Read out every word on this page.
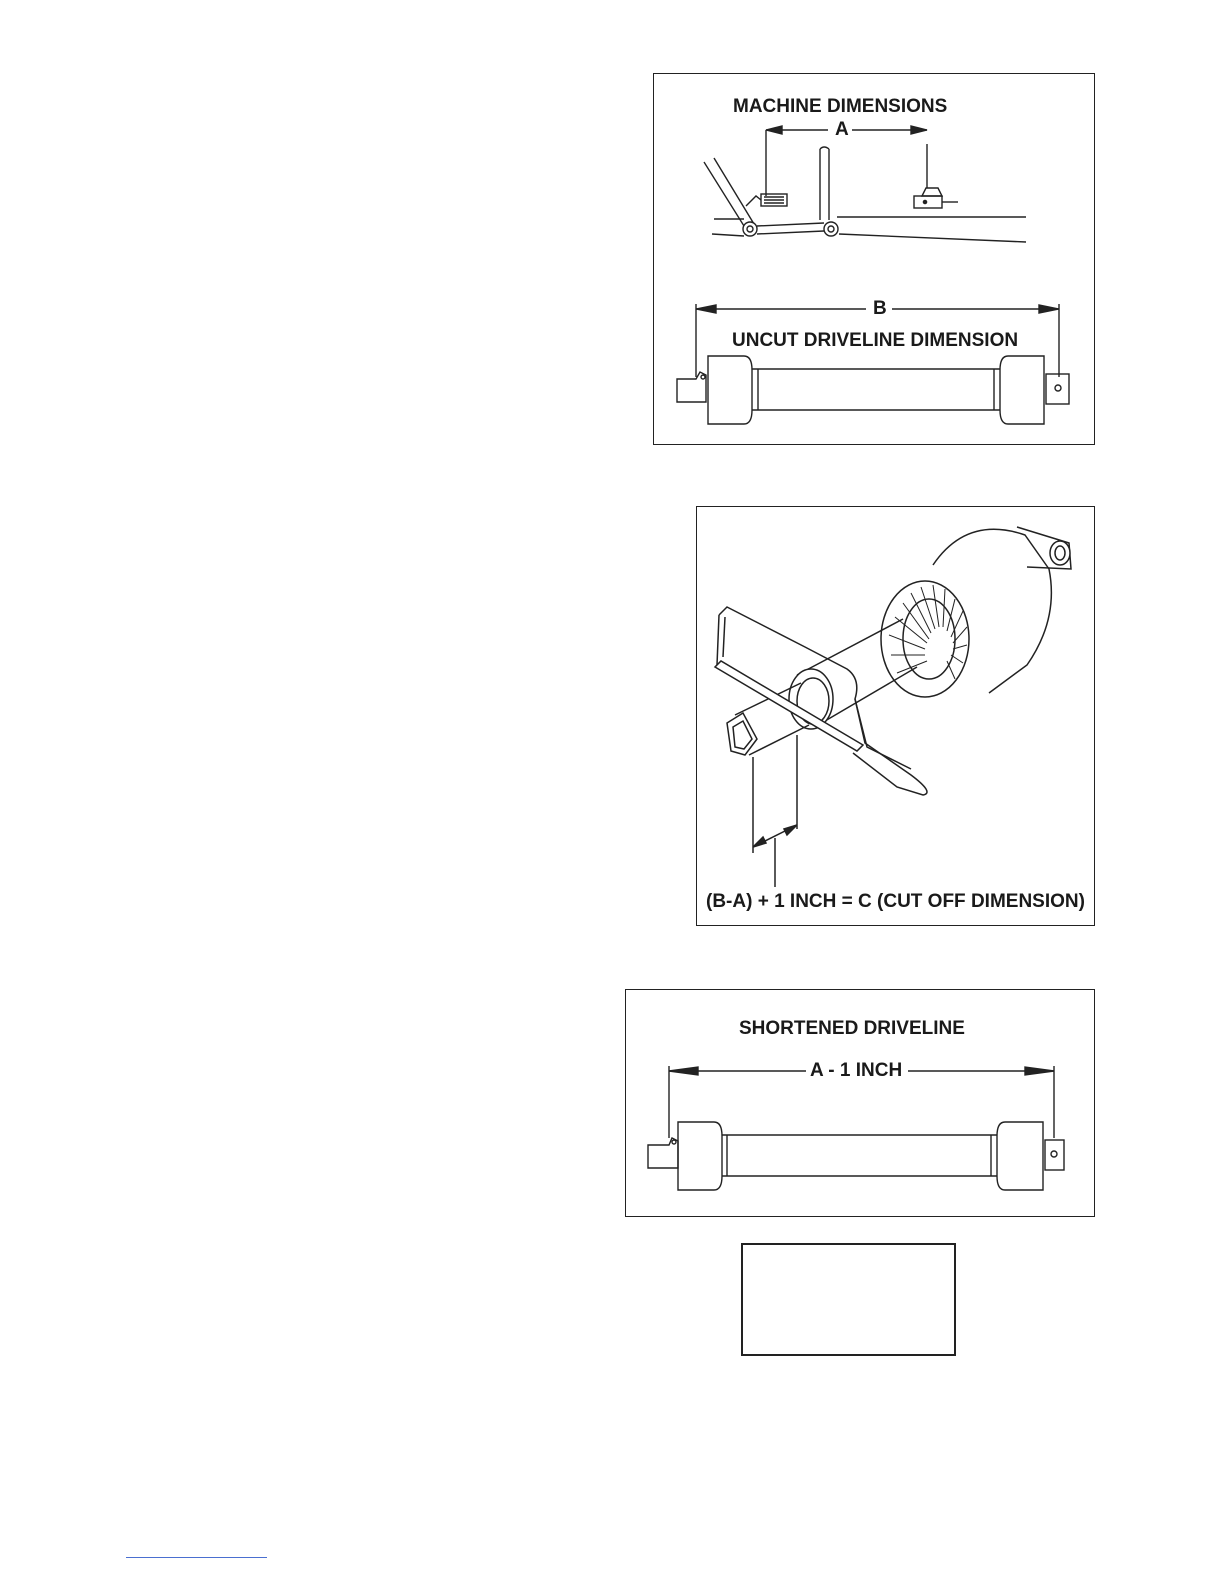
MACHINE DIMENSIONS
A
B
UNCUT DRIVELINE DIMENSION
(B-A) + 1 INCH = C (CUT OFF DIMENSION)
SHORTENED DRIVELINE
A - 1 INCH
